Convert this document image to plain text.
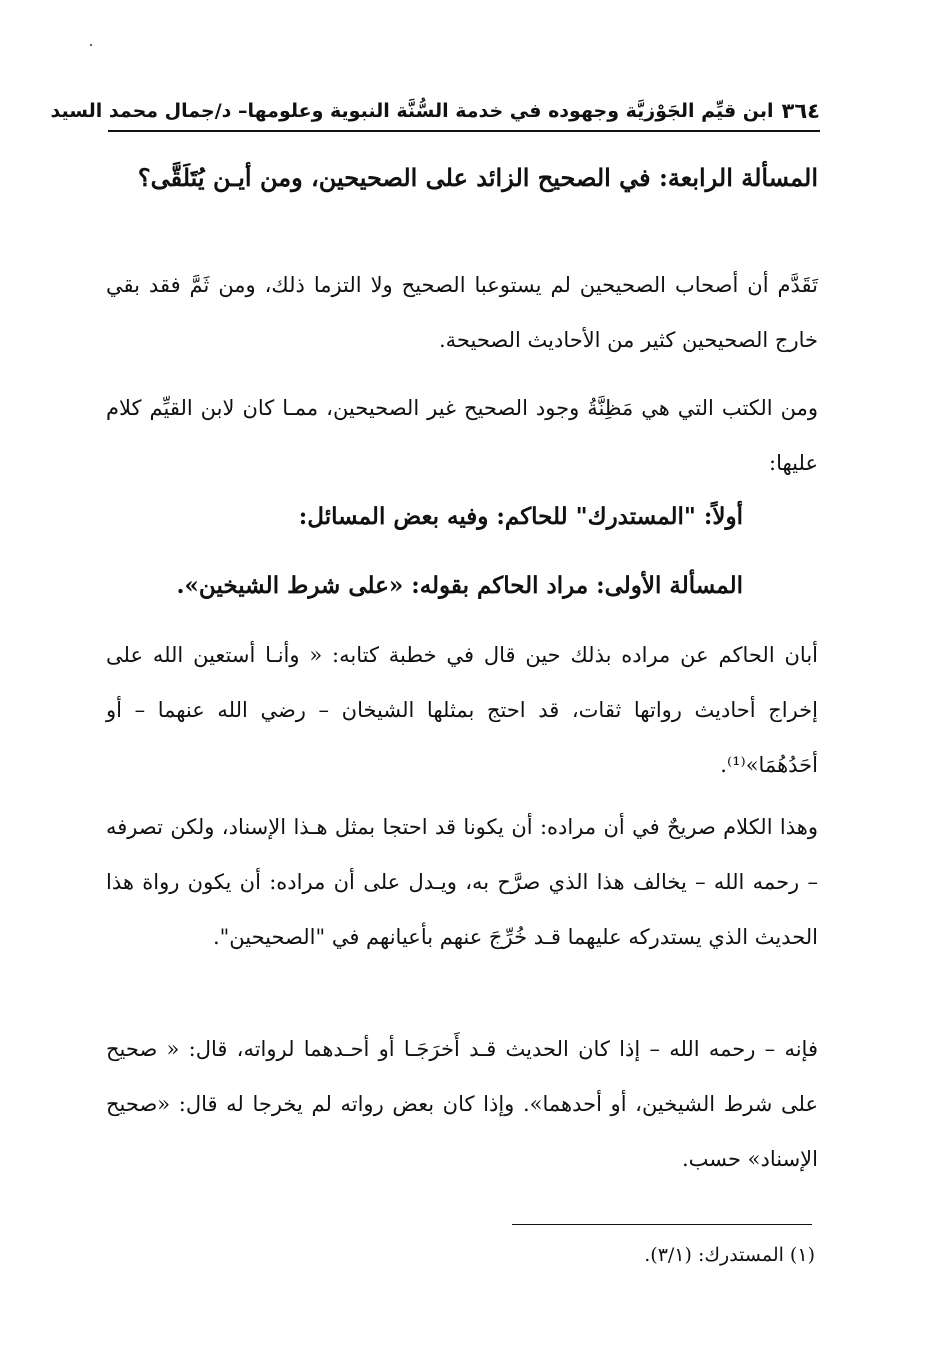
٣٦٤
ابن قيِّم الجَوْزيَّة وجهوده في خدمة السُّنَّة النبوية وعلومها– د/جمال محمد السيد
المسألة الرابعة: في الصحيح الزائد على الصحيحين، ومن أيـن يُتَلَقَّى؟
تَقَدَّم أن أصحاب الصحيحين لم يستوعبا الصحيح ولا التزما ذلك، ومن ثَمَّ فقد بقي خارج الصحيحين كثير من الأحاديث الصحيحة.
ومن الكتب التي هي مَظِنَّةُ وجود الصحيح غير الصحيحين، ممـا كان لابن القيِّم كلام عليها:
أولاً: "المستدرك" للحاكم: وفيه بعض المسائل:
المسألة الأولى: مراد الحاكم بقوله: «على شرط الشيخين».
أبان الحاكم عن مراده بذلك حين قال في خطبة كتابه: « وأنـا أستعين الله على إخراج أحاديث رواتها ثقات، قد احتج بمثلها الشيخان – رضي الله عنهما – أو أحَدُهُمَا»⁽¹⁾.
وهذا الكلام صريحٌ في أن مراده: أن يكونا قد احتجا بمثل هـذا الإسناد، ولكن تصرفه – رحمه الله – يخالف هذا الذي صرَّح به، ويـدل على أن مراده: أن يكون رواة هذا الحديث الذي يستدركه عليهما قـد خُرِّجَ عنهم بأعيانهم في "الصحيحين".
فإنه – رحمه الله – إذا كان الحديث قـد أَخرَجَـا أو أحـدهما لرواته، قال: « صحيح على شرط الشيخين، أو أحدهما». وإذا كان بعض رواته لم يخرجا له قال: «صحيح الإسناد» حسب.
(١) المستدرك: (٣/١).
